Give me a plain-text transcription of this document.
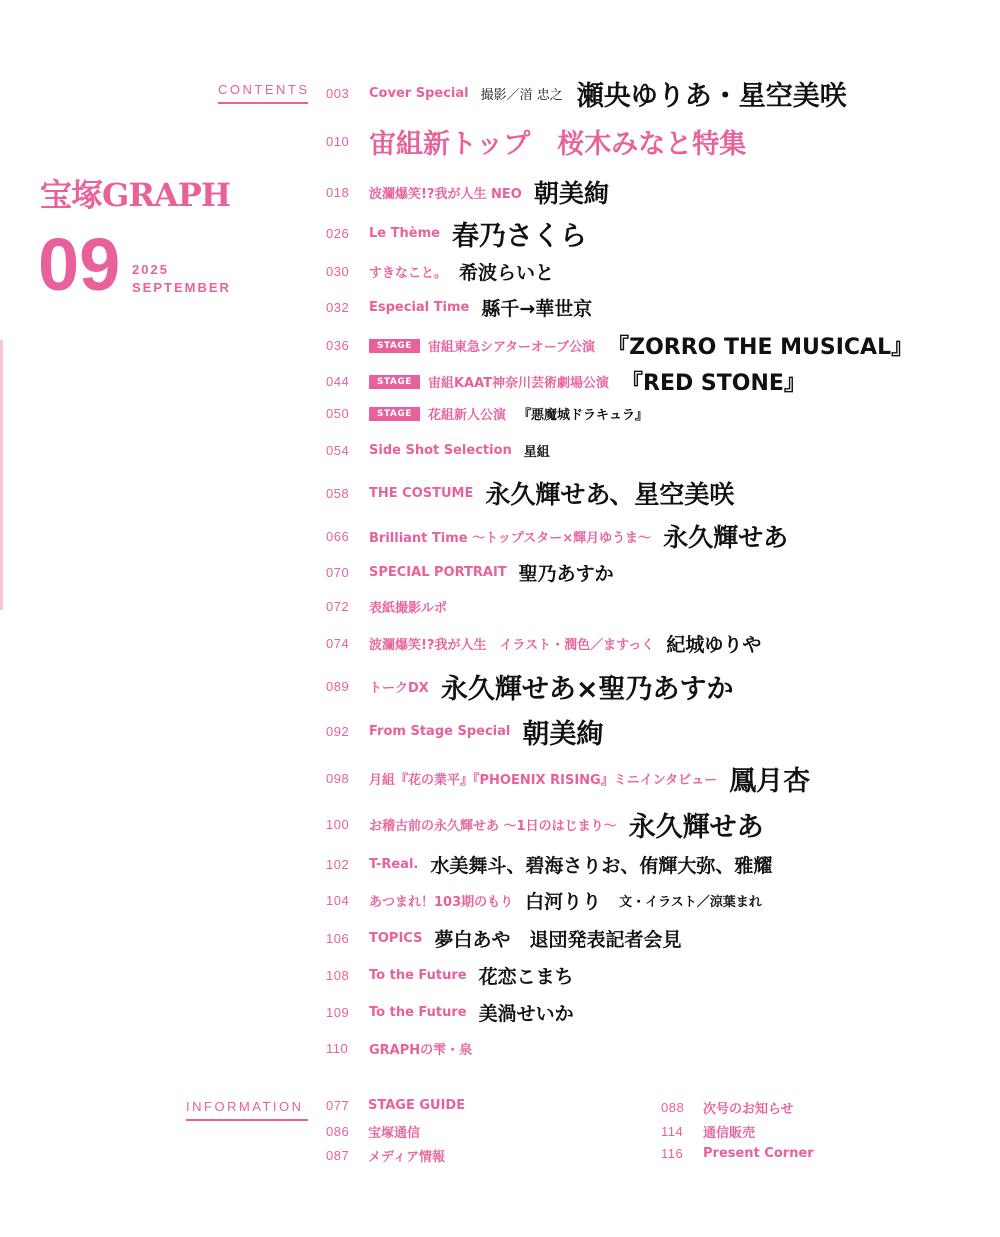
CONTENTS
宝塚GRAPH
09 2025
SEPTEMBER
003	Cover Special 撮影／渞 忠之 瀬央ゆりあ・星空美咲
010 宙組新トップ　桜木みなと特集
018	波瀾爆笑!?我が人生 NEO 朝美絢
026	Le Thème 春乃さくら
030	すきなこと。 希波らいと
032	Especial Time 縣千→華世京
036	STAGE	宙組東急シアターオーブ公演 『ZORRO THE MUSICAL』
044	STAGE	宙組KAAT神奈川芸術劇場公演 『RED STONE』
050	STAGE	花組新人公演 『悪魔城ドラキュラ』
054	Side Shot Selection 星組
058	THE COSTUME 永久輝せあ、星空美咲
066	Brilliant Time 〜トップスター×輝月ゆうま〜 永久輝せあ
070	SPECIAL PORTRAIT 聖乃あすか
072	表紙撮影ルポ
074	波瀾爆笑!?我が人生　イラスト・潤色／ますっく 紀城ゆりや
089	トークDX 永久輝せあ×聖乃あすか
092	From Stage Special 朝美絢
098	月組『花の業平』『PHOENIX RISING』ミニインタビュー 鳳月杏
100	お稽古前の永久輝せあ 〜1日のはじまり〜 永久輝せあ
102	T-Real. 水美舞斗、碧海さりお、侑輝大弥、雅耀
104	あつまれ！103期のもり 白河りり 文・イラスト／涼葉まれ
106	TOPICS 夢白あや　退団発表記者会見
108	To the Future 花恋こまち
109	To the Future 美渦せいか
110	GRAPHの雫・泉
INFORMATION	077	STAGE GUIDE
086	宝塚通信
087	メディア情報
088	次号のお知らせ
114	通信販売
116	Present Corner
